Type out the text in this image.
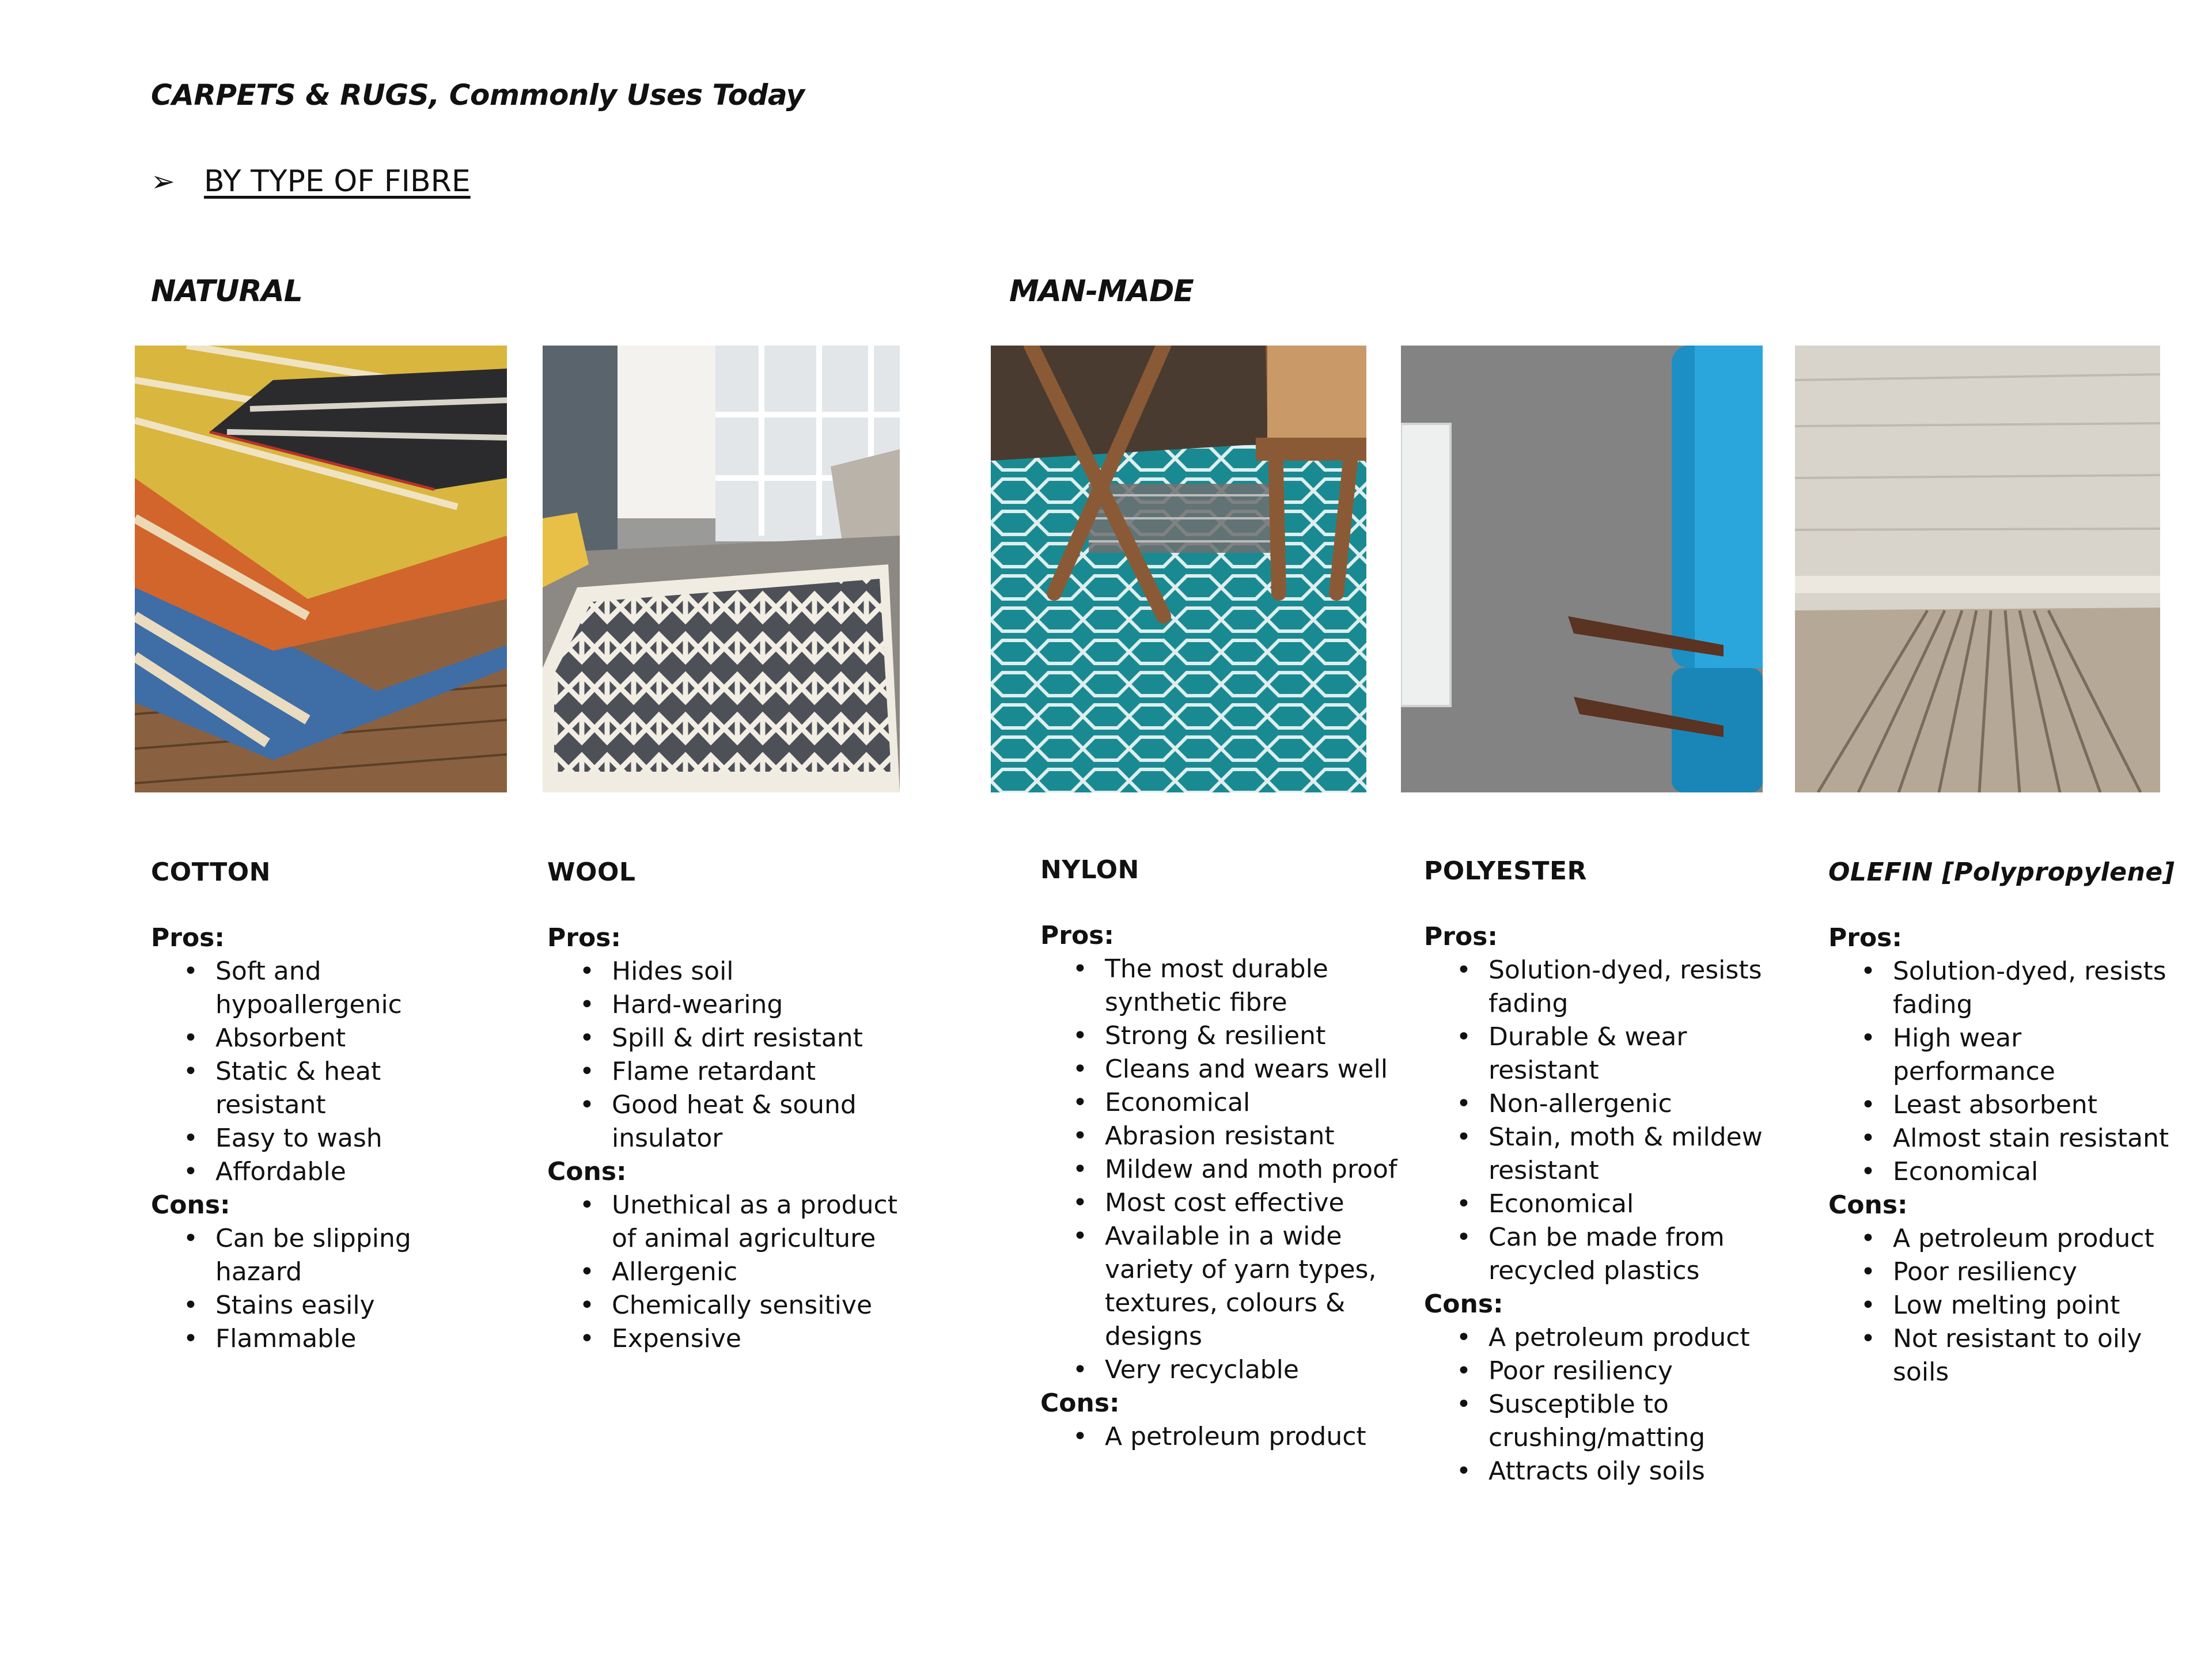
CARPETS & RUGS, Commonly Uses Today
➢ BY TYPE OF FIBRE
NATURAL	MAN-MADE
COTTON
Pros:
• Soft and hypoallergenic
• Absorbent
• Static & heat resistant
• Easy to wash
• Affordable
Cons:
• Can be slipping hazard
• Stains easily
• Flammable
WOOL
Pros:
• Hides soil
• Hard-wearing
• Spill & dirt resistant
• Flame retardant
• Good heat & sound insulator
Cons:
• Unethical as a product of animal agriculture
• Allergenic
• Chemically sensitive
• Expensive
NYLON
Pros:
• The most durable synthetic fibre
• Strong & resilient
• Cleans and wears well
• Economical
• Abrasion resistant
• Mildew and moth proof
• Most cost effective
• Available in a wide variety of yarn types, textures, colours & designs
• Very recyclable
Cons:
• A petroleum product
POLYESTER
Pros:
• Solution-dyed, resists fading
• Durable & wear resistant
• Non-allergenic
• Stain, moth & mildew resistant
• Economical
• Can be made from recycled plastics
Cons:
• A petroleum product
• Poor resiliency
• Susceptible to crushing/matting
• Attracts oily soils
OLEFIN [Polypropylene]
Pros:
• Solution-dyed, resists fading
• High wear performance
• Least absorbent
• Almost stain resistant
• Economical
Cons:
• A petroleum product
• Poor resiliency
• Low melting point
• Not resistant to oily soils
